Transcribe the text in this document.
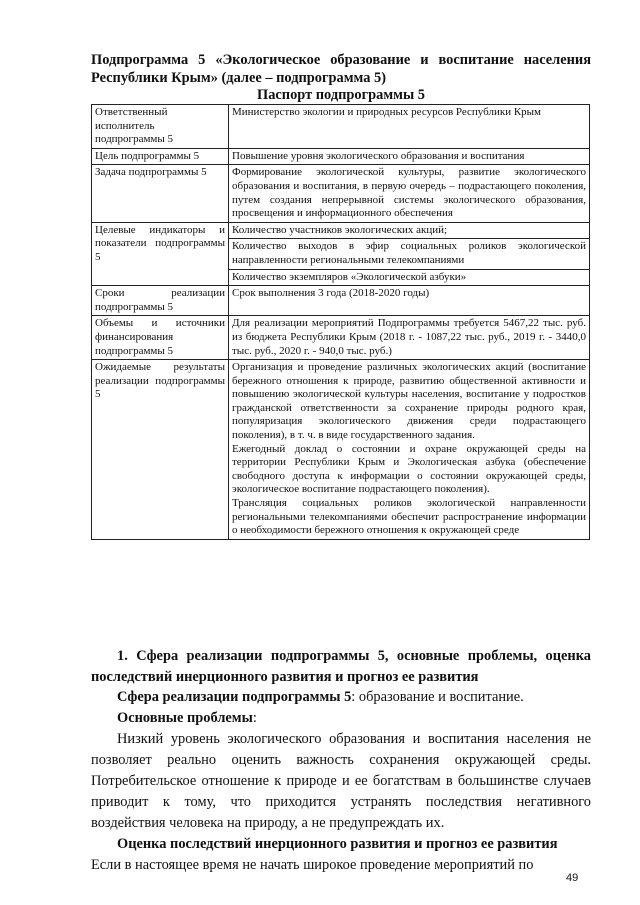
Подпрограмма 5 «Экологическое образование и воспитание населения Республики Крым» (далее – подпрограмма 5)
Паспорт подпрограммы 5
Ответственный исполнитель подпрограммы 5	Министерство экологии и природных ресурсов Республики Крым
Цель подпрограммы 5	Повышение уровня экологического образования и воспитания
Задача подпрограммы 5	Формирование экологической культуры, развитие экологического образования и воспитания, в первую очередь – подрастающего поколения, путем создания непрерывной системы экологического образования, просвещения и информационного обеспечения
Целевые индикаторы и показатели подпрограммы 5	Количество участников экологических акций;
	Количество выходов в эфир социальных роликов экологической направленности региональными телекомпаниями
	Количество экземпляров «Экологической азбуки»
Сроки реализации подпрограммы 5	Срок выполнения 3 года (2018-2020 годы)
Объемы и источники финансирования подпрограммы 5	Для реализации мероприятий Подпрограммы требуется 5467,22 тыс. руб. из бюджета Республики Крым (2018 г. - 1087,22 тыс. руб., 2019 г. - 3440,0 тыс. руб., 2020 г. - 940,0 тыс. руб.)
Ожидаемые результаты реализации подпрограммы 5	Организация и проведение различных экологических акций (воспитание бережного отношения к природе, развитию общественной активности и повышению экологической культуры населения, воспитание у подростков гражданской ответственности за сохранение природы родного края, популяризация экологического движения среди подрастающего поколения), в т. ч. в виде государственного задания.
Ежегодный доклад о состоянии и охране окружающей среды на территории Республики Крым и Экологическая азбука (обеспечение свободного доступа к информации о состоянии окружающей среды, экологическое воспитание подрастающего поколения).
Трансляция социальных роликов экологической направленности региональными телекомпаниями обеспечит распространение информации о необходимости бережного отношения к окружающей среде

1. Сфера реализации подпрограммы 5, основные проблемы, оценка последствий инерционного развития и прогноз ее развития

Сфера реализации подпрограммы 5: образование и воспитание.

Основные проблемы:

Низкий уровень экологического образования и воспитания населения не позволяет реально оценить важность сохранения окружающей среды. Потребительское отношение к природе и ее богатствам в большинстве случаев приводит к тому, что приходится устранять последствия негативного воздействия человека на природу, а не предупреждать их.

Оценка последствий инерционного развития и прогноз ее развития

Если в настоящее время не начать широкое проведение мероприятий по

49
